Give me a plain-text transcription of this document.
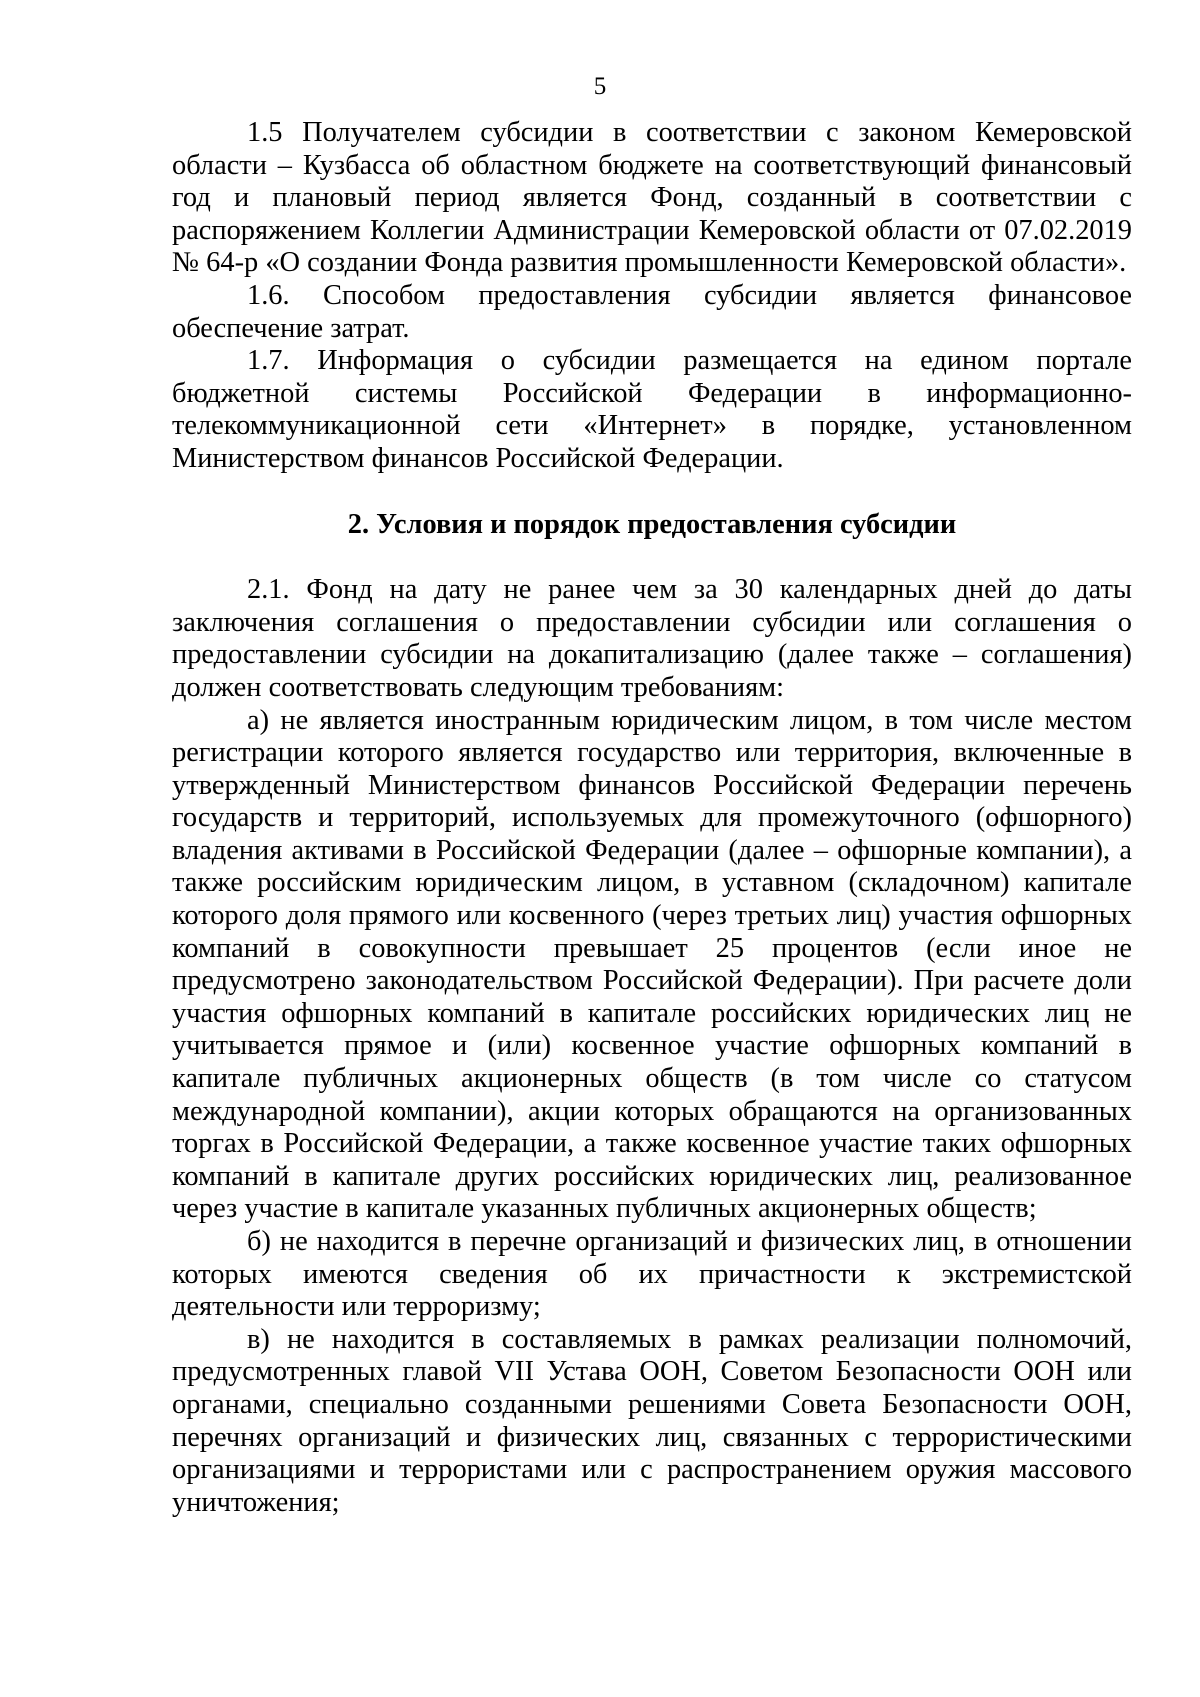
5

1.5 Получателем субсидии в соответствии с законом Кемеровской области – Кузбасса об областном бюджете на соответствующий финансовый год и плановый период является Фонд, созданный в соответствии с распоряжением Коллегии Администрации Кемеровской области от 07.02.2019 № 64-р «О создании Фонда развития промышленности Кемеровской области».

1.6. Способом предоставления субсидии является финансовое обеспечение затрат.

1.7. Информация о субсидии размещается на едином портале бюджетной системы Российской Федерации в информационно-телекоммуникационной сети «Интернет» в порядке, установленном Министерством финансов Российской Федерации.

2. Условия и порядок предоставления субсидии

2.1. Фонд на дату не ранее чем за 30 календарных дней до даты заключения соглашения о предоставлении субсидии или соглашения о предоставлении субсидии на докапитализацию (далее также – соглашения) должен соответствовать следующим требованиям:

а) не является иностранным юридическим лицом, в том числе местом регистрации которого является государство или территория, включенные в утвержденный Министерством финансов Российской Федерации перечень государств и территорий, используемых для промежуточного (офшорного) владения активами в Российской Федерации (далее – офшорные компании), а также российским юридическим лицом, в уставном (складочном) капитале которого доля прямого или косвенного (через третьих лиц) участия офшорных компаний в совокупности превышает 25 процентов (если иное не предусмотрено законодательством Российской Федерации). При расчете доли участия офшорных компаний в капитале российских юридических лиц не учитывается прямое и (или) косвенное участие офшорных компаний в капитале публичных акционерных обществ (в том числе со статусом международной компании), акции которых обращаются на организованных торгах в Российской Федерации, а также косвенное участие таких офшорных компаний в капитале других российских юридических лиц, реализованное через участие в капитале указанных публичных акционерных обществ;

б) не находится в перечне организаций и физических лиц, в отношении которых имеются сведения об их причастности к экстремистской деятельности или терроризму;

в) не находится в составляемых в рамках реализации полномочий, предусмотренных главой VII Устава ООН, Советом Безопасности ООН или органами, специально созданными решениями Совета Безопасности ООН, перечнях организаций и физических лиц, связанных с террористическими организациями и террористами или с распространением оружия массового уничтожения;
